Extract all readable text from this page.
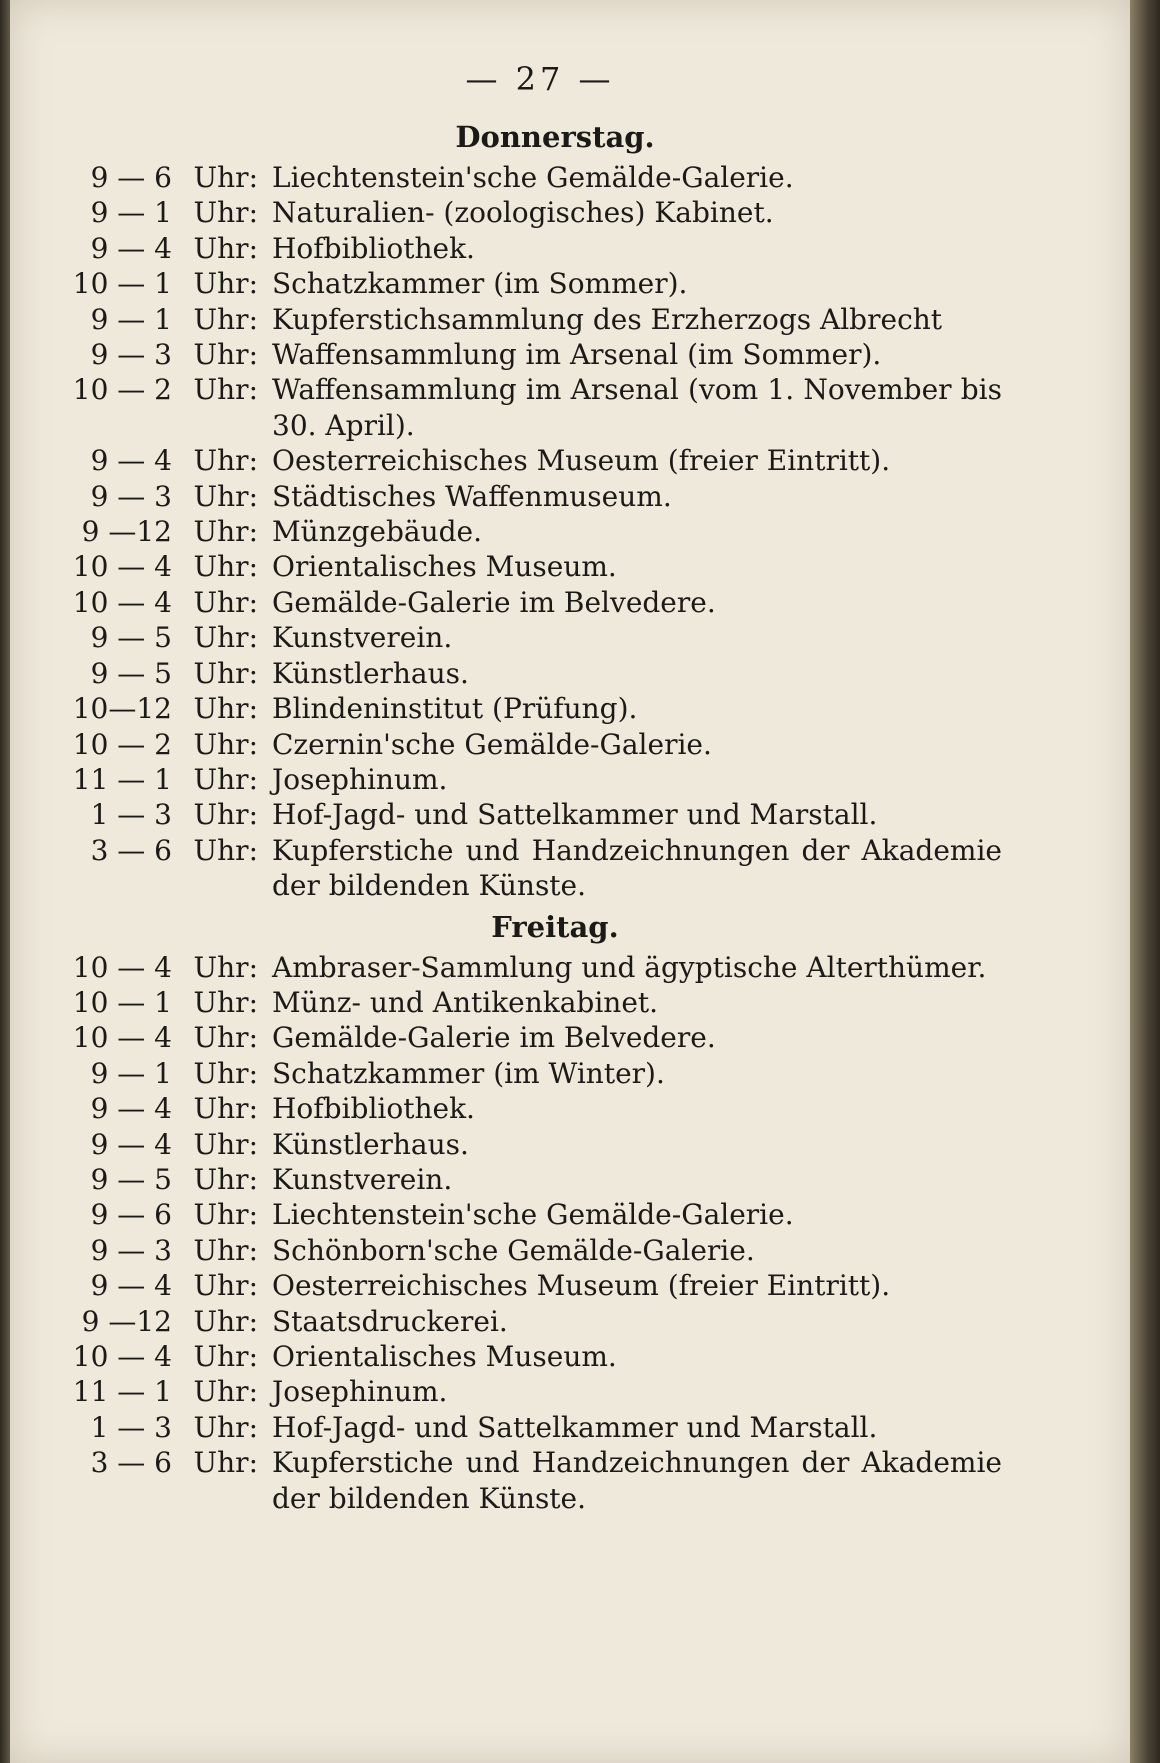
— 27 —
Donnerstag.
9 — 6 Uhr: Liechtenstein'sche Gemälde-Galerie.
9 — 1 Uhr: Naturalien- (zoologisches) Kabinet.
9 — 4 Uhr: Hofbibliothek.
10 — 1 Uhr: Schatzkammer (im Sommer).
9 — 1 Uhr: Kupferstichsammlung des Erzherzogs Albrecht
9 — 3 Uhr: Waffensammlung im Arsenal (im Sommer).
10 — 2 Uhr: Waffensammlung im Arsenal (vom 1. November bis 30. April).
9 — 4 Uhr: Oesterreichisches Museum (freier Eintritt).
9 — 3 Uhr: Städtisches Waffenmuseum.
9 —12 Uhr: Münzgebäude.
10 — 4 Uhr: Orientalisches Museum.
10 — 4 Uhr: Gemälde-Galerie im Belvedere.
9 — 5 Uhr: Kunstverein.
9 — 5 Uhr: Künstlerhaus.
10—12 Uhr: Blindeninstitut (Prüfung).
10 — 2 Uhr: Czernin'sche Gemälde-Galerie.
11 — 1 Uhr: Josephinum.
1 — 3 Uhr: Hof-Jagd- und Sattelkammer und Marstall.
3 — 6 Uhr: Kupferstiche und Handzeichnungen der Akademie der bildenden Künste.
Freitag.
10 — 4 Uhr: Ambraser-Sammlung und ägyptische Alterthümer.
10 — 1 Uhr: Münz- und Antikenkabinet.
10 — 4 Uhr: Gemälde-Galerie im Belvedere.
9 — 1 Uhr: Schatzkammer (im Winter).
9 — 4 Uhr: Hofbibliothek.
9 — 4 Uhr: Künstlerhaus.
9 — 5 Uhr: Kunstverein.
9 — 6 Uhr: Liechtenstein'sche Gemälde-Galerie.
9 — 3 Uhr: Schönborn'sche Gemälde-Galerie.
9 — 4 Uhr: Oesterreichisches Museum (freier Eintritt).
9 —12 Uhr: Staatsdruckerei.
10 — 4 Uhr: Orientalisches Museum.
11 — 1 Uhr: Josephinum.
1 — 3 Uhr: Hof-Jagd- und Sattelkammer und Marstall.
3 — 6 Uhr: Kupferstiche und Handzeichnungen der Akademie der bildenden Künste.
